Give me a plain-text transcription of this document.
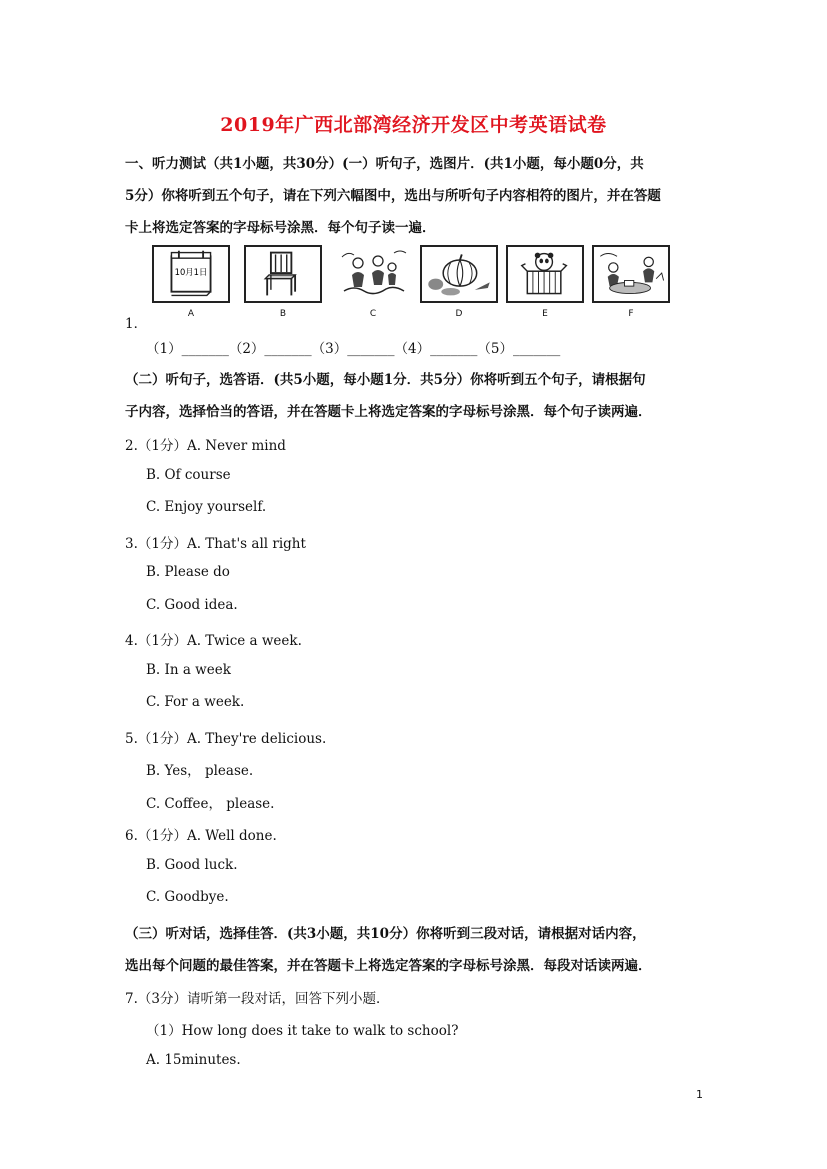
2019年广西北部湾经济开发区中考英语试卷
一、听力测试（共1小题，共30分）(一）听句子，选图片．(共1小题，每小题0分，共
5分）你将听到五个句子，请在下列六幅图中，选出与所听句子内容相符的图片，并在答题
卡上将选定答案的字母标号涂黑．每个句子读一遍．
10月1日
A	B	C	D	E	F
1．
（1）_______（2）_______（3）_______（4）_______（5）_______
（二）听句子，选答语．(共5小题，每小题1分．共5分）你将听到五个句子，请根据句
子内容，选择恰当的答语，并在答题卡上将选定答案的字母标号涂黑．每个句子读两遍．
2.（1分）A. Never mind
B. Of course
C. Enjoy yourself.
3.（1分）A. That's all right
B. Please do
C. Good idea.
4.（1分）A. Twice a week.
B. In a week
C. For a week.
5.（1分）A. They're delicious.
B. Yes， please.
C. Coffee， please.
6.（1分）A. Well done.
B. Good luck.
C. Goodbye.
（三）听对话，选择佳答．(共3小题，共10分）你将听到三段对话，请根据对话内容，
选出每个问题的最佳答案，并在答题卡上将选定答案的字母标号涂黑．每段对话读两遍．
7.（3分）请听第一段对话，回答下列小题．
（1）How long does it take to walk to school?
A. 15minutes.
1
